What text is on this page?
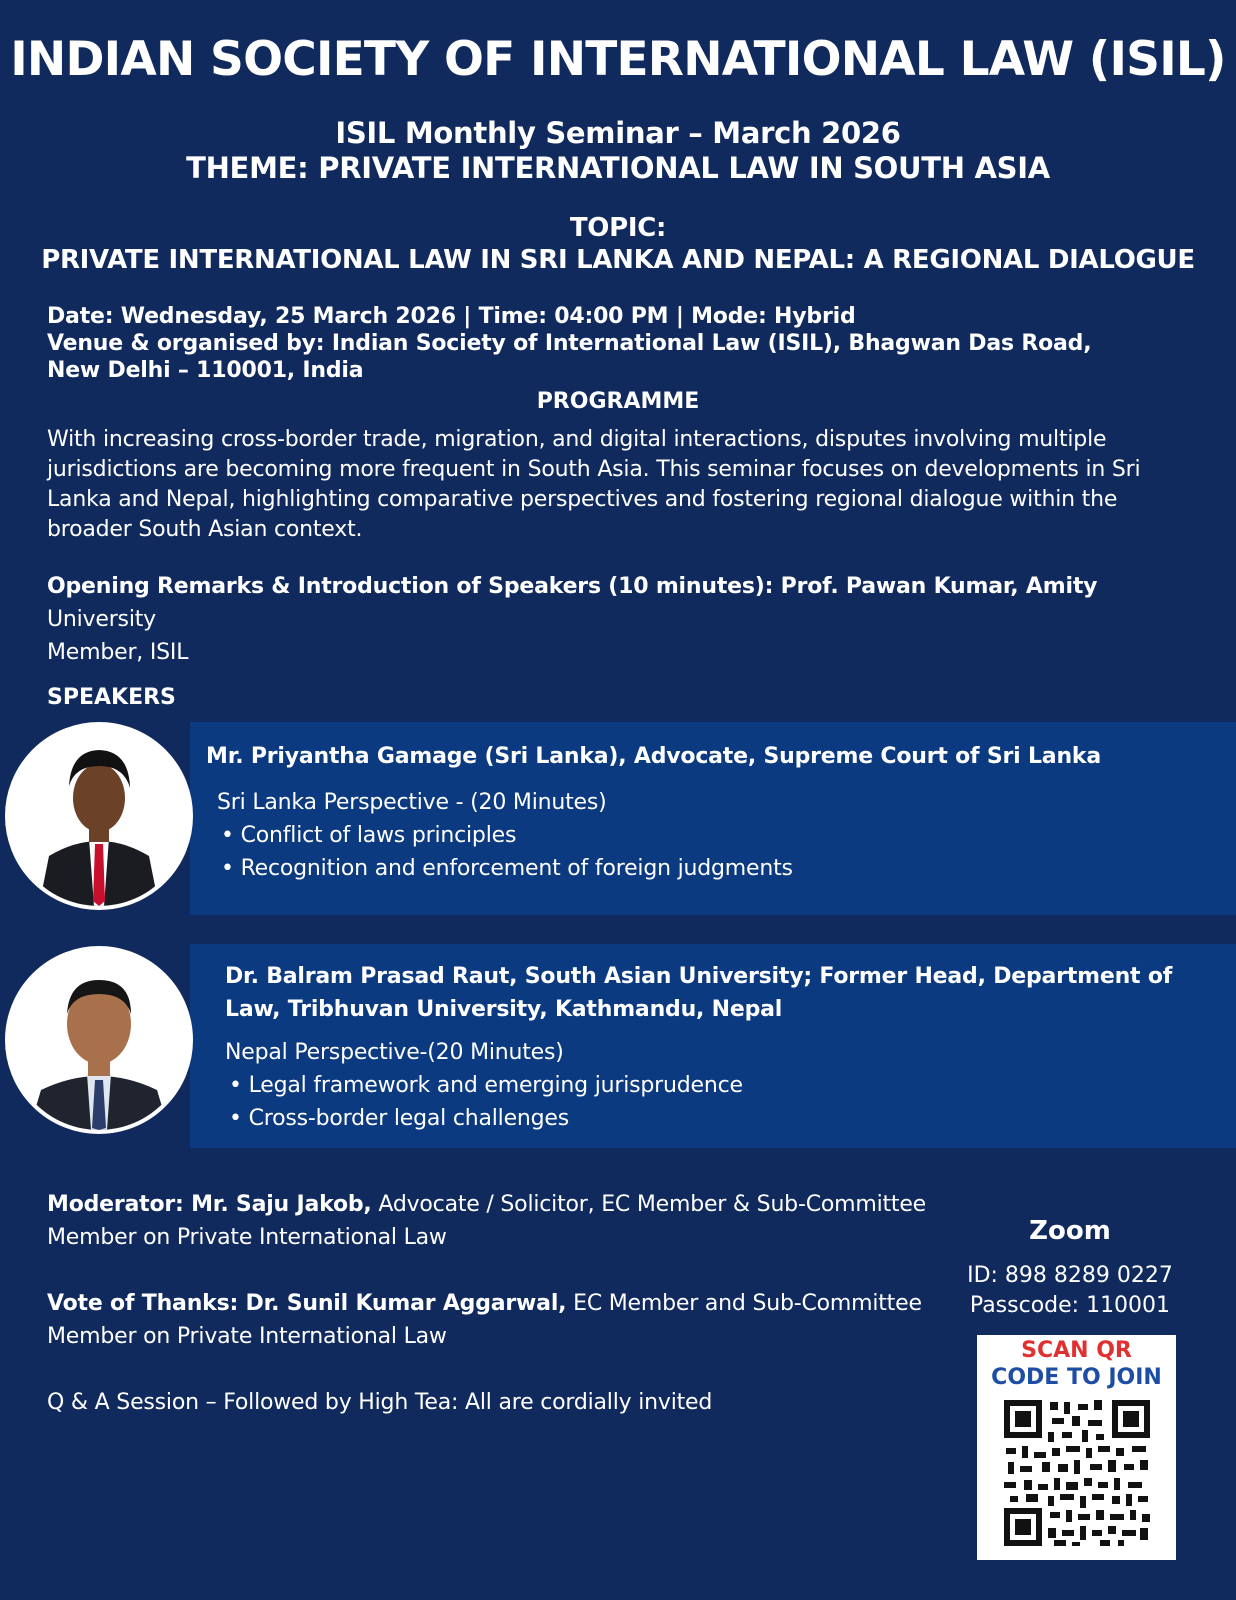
INDIAN SOCIETY OF INTERNATIONAL LAW (ISIL)
ISIL Monthly Seminar – March 2026
THEME: PRIVATE INTERNATIONAL LAW IN SOUTH ASIA
TOPIC:
PRIVATE INTERNATIONAL LAW IN SRI LANKA AND NEPAL: A REGIONAL DIALOGUE
Date: Wednesday, 25 March 2026 | Time: 04:00 PM | Mode: Hybrid
Venue & organised by: Indian Society of International Law (ISIL), Bhagwan Das Road,
New Delhi – 110001, India
PROGRAMME
With increasing cross-border trade, migration, and digital interactions, disputes involving multiple jurisdictions are becoming more frequent in South Asia. This seminar focuses on developments in Sri Lanka and Nepal, highlighting comparative perspectives and fostering regional dialogue within the broader South Asian context.
Opening Remarks & Introduction of Speakers (10 minutes): Prof. Pawan Kumar, Amity University
Member, ISIL
SPEAKERS
Mr. Priyantha Gamage (Sri Lanka), Advocate, Supreme Court of Sri Lanka
Sri Lanka Perspective - (20 Minutes)
• Conflict of laws principles
• Recognition and enforcement of foreign judgments
Dr. Balram Prasad Raut, South Asian University; Former Head, Department of
Law, Tribhuvan University, Kathmandu, Nepal
Nepal Perspective-(20 Minutes)
• Legal framework and emerging jurisprudence
• Cross-border legal challenges
Moderator: Mr. Saju Jakob, Advocate / Solicitor, EC Member & Sub-Committee
Member on Private International Law
Vote of Thanks: Dr. Sunil Kumar Aggarwal, EC Member and Sub-Committee
Member on Private International Law
Q & A Session – Followed by High Tea: All are cordially invited
Zoom
ID: 898 8289 0227
Passcode: 110001
SCAN QR
CODE TO JOIN
